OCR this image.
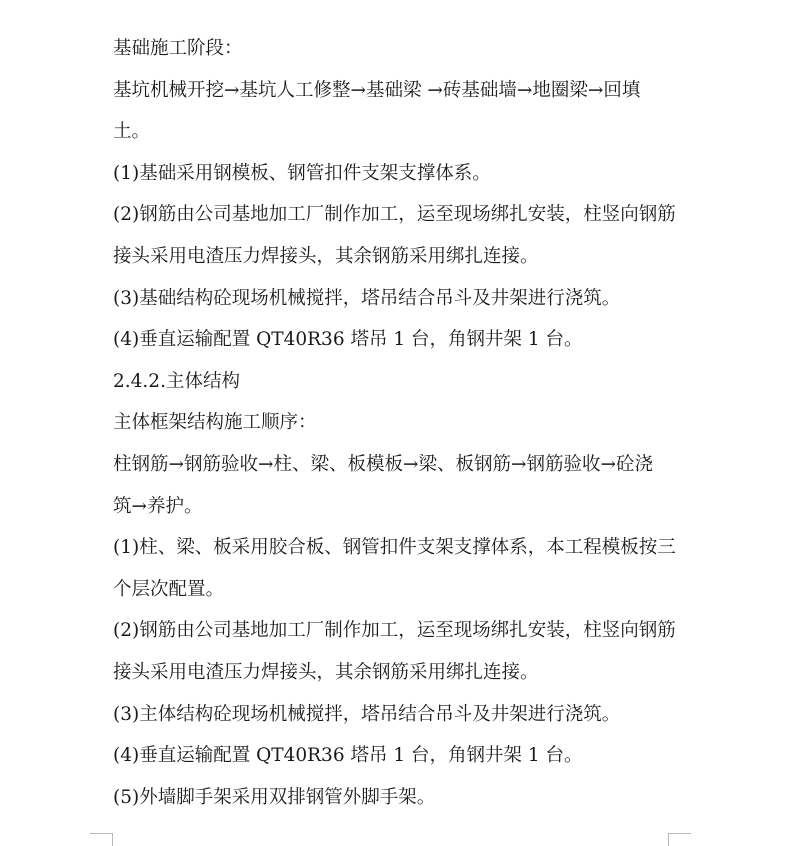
基础施工阶段：
基坑机械开挖→基坑人工修整→基础梁 →砖基础墙→地圈梁→回填
土。
(1)基础采用钢模板、钢管扣件支架支撑体系。
(2)钢筋由公司基地加工厂制作加工，运至现场绑扎安装，柱竖向钢筋
接头采用电渣压力焊接头，其余钢筋采用绑扎连接。
(3)基础结构砼现场机械搅拌，塔吊结合吊斗及井架进行浇筑。
(4)垂直运输配置 QT40R36 塔吊 1 台，角钢井架 1 台。
2.4.2.主体结构
主体框架结构施工顺序：
柱钢筋→钢筋验收→柱、梁、板模板→梁、板钢筋→钢筋验收→砼浇
筑→养护。
(1)柱、梁、板采用胶合板、钢管扣件支架支撑体系，本工程模板按三
个层次配置。
(2)钢筋由公司基地加工厂制作加工，运至现场绑扎安装，柱竖向钢筋
接头采用电渣压力焊接头，其余钢筋采用绑扎连接。
(3)主体结构砼现场机械搅拌，塔吊结合吊斗及井架进行浇筑。
(4)垂直运输配置 QT40R36 塔吊 1 台，角钢井架 1 台。
(5)外墙脚手架采用双排钢管外脚手架。
